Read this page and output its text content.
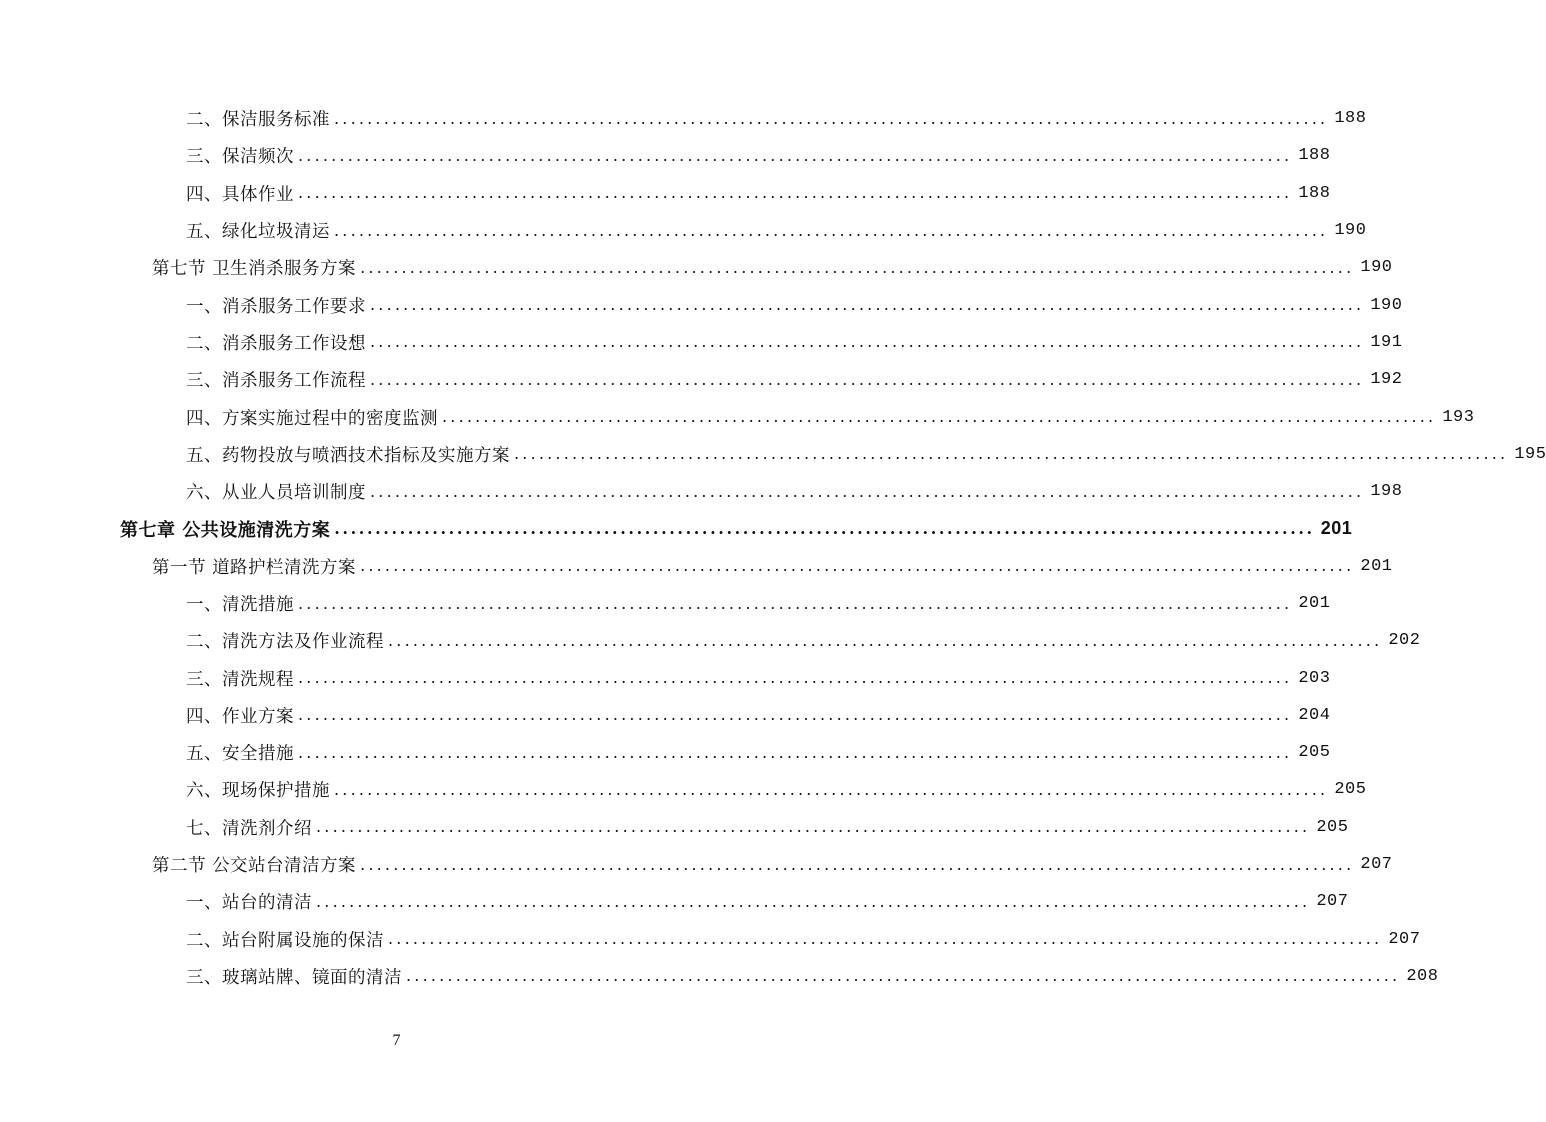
二、保洁服务标准 ........................................................................................................................ 188
三、保洁频次 ........................................................................................................................ 188
四、具体作业 ........................................................................................................................ 188
五、绿化垃圾清运 ........................................................................................................................ 190
第七节 卫生消杀服务方案 ........................................................................................................................ 190
一、消杀服务工作要求 ........................................................................................................................ 190
二、消杀服务工作设想 ........................................................................................................................ 191
三、消杀服务工作流程 ........................................................................................................................ 192
四、方案实施过程中的密度监测 ........................................................................................................................ 193
五、药物投放与喷洒技术指标及实施方案 ........................................................................................................................ 195
六、从业人员培训制度 ........................................................................................................................ 198
第七章 公共设施清洗方案 ........................................................................................................................ 201
第一节 道路护栏清洗方案 ........................................................................................................................ 201
一、清洗措施 ........................................................................................................................ 201
二、清洗方法及作业流程 ........................................................................................................................ 202
三、清洗规程 ........................................................................................................................ 203
四、作业方案 ........................................................................................................................ 204
五、安全措施 ........................................................................................................................ 205
六、现场保护措施 ........................................................................................................................ 205
七、清洗剂介绍 ........................................................................................................................ 205
第二节 公交站台清洁方案 ........................................................................................................................ 207
一、站台的清洁 ........................................................................................................................ 207
二、站台附属设施的保洁 ........................................................................................................................ 207
三、玻璃站牌、镜面的清洁 ........................................................................................................................ 208
7
